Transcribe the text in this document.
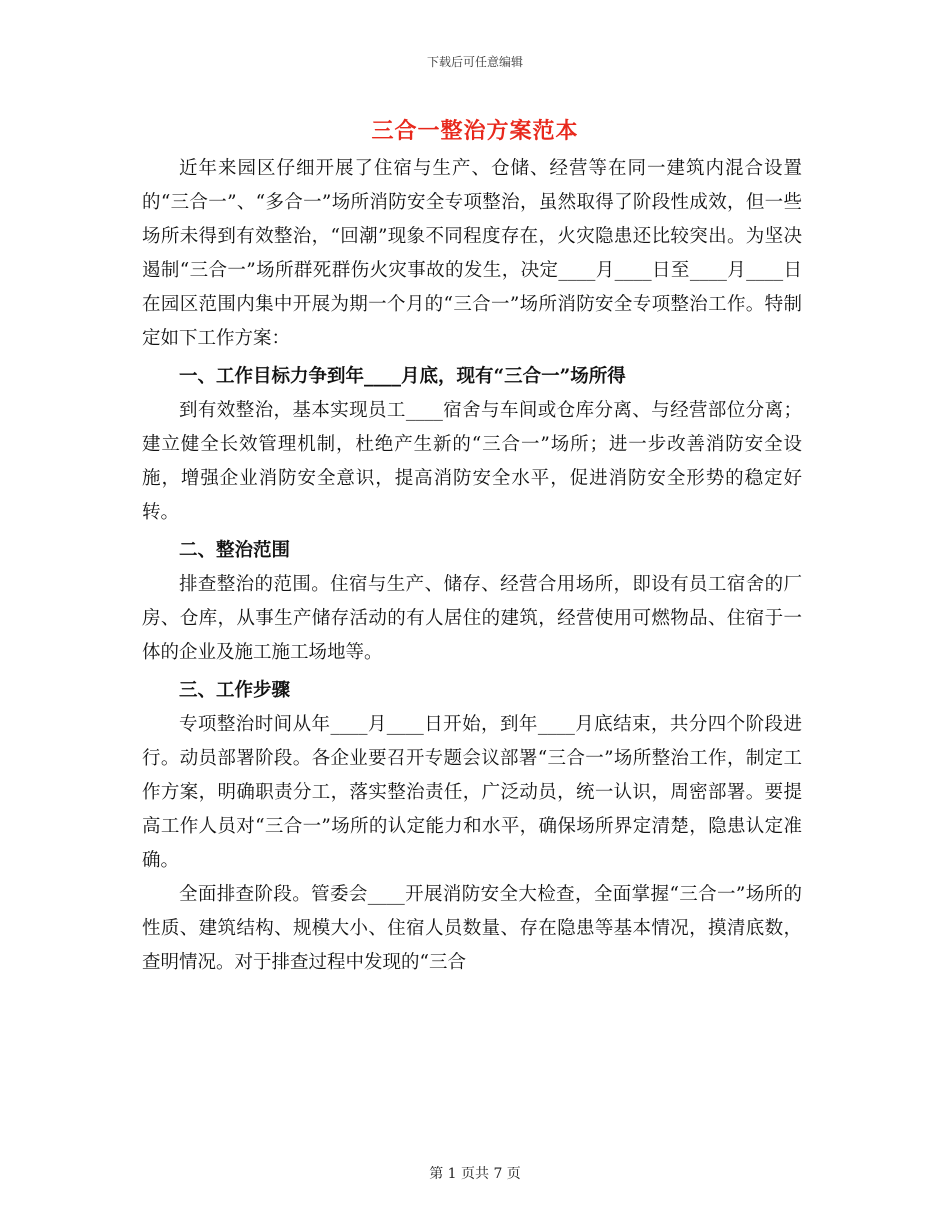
下载后可任意编辑
三合一整治方案范本

近年来园区仔细开展了住宿与生产、仓储、经营等在同一建筑内混合设置的“三合一”、“多合一”场所消防安全专项整治，虽然取得了阶段性成效，但一些场所未得到有效整治，“回潮”现象不同程度存在，火灾隐患还比较突出。为坚决遏制“三合一”场所群死群伤火灾事故的发生，决定____月____日至____月____日在园区范围内集中开展为期一个月的“三合一”场所消防安全专项整治工作。特制定如下工作方案：

一、工作目标力争到年____月底，现有“三合一”场所得

到有效整治，基本实现员工____宿舍与车间或仓库分离、与经营部位分离；建立健全长效管理机制，杜绝产生新的“三合一”场所；进一步改善消防安全设施，增强企业消防安全意识，提高消防安全水平，促进消防安全形势的稳定好转。

二、整治范围

排查整治的范围。住宿与生产、储存、经营合用场所，即设有员工宿舍的厂房、仓库，从事生产储存活动的有人居住的建筑，经营使用可燃物品、住宿于一体的企业及施工施工场地等。

三、工作步骤

专项整治时间从年____月____日开始，到年____月底结束，共分四个阶段进行。动员部署阶段。各企业要召开专题会议部署“三合一”场所整治工作，制定工作方案，明确职责分工，落实整治责任，广泛动员，统一认识，周密部署。要提高工作人员对“三合一”场所的认定能力和水平，确保场所界定清楚，隐患认定准确。

全面排查阶段。管委会____开展消防安全大检查，全面掌握“三合一”场所的性质、建筑结构、规模大小、住宿人员数量、存在隐患等基本情况，摸清底数，查明情况。对于排查过程中发现的“三合

第 1 页共 7 页
